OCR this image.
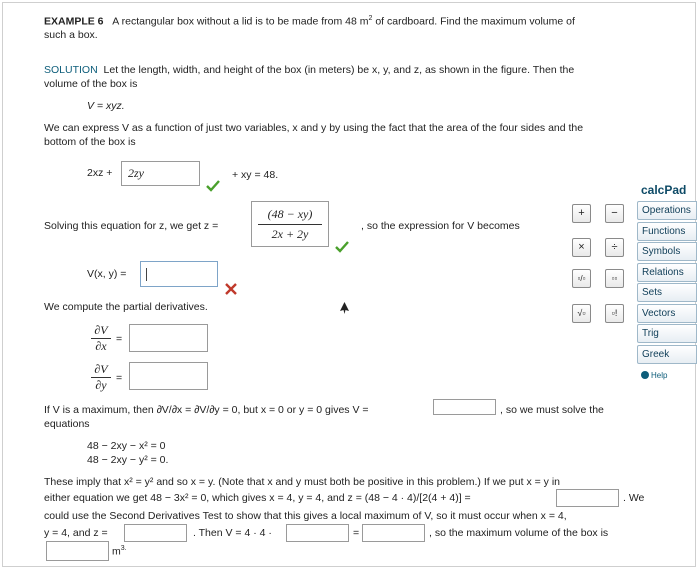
EXAMPLE 6 A rectangular box without a lid is to be made from 48 $m^2$ of cardboard. Find the maximum volume of
such a box.
SOLUTION Let the length, width, and height of the box (in meters) be x, y, and z, as shown in the figure. Then the
volume of the box is
V = xyz.
We can express V as a function of just two variables, x and y by using the fact that the area of the four sides and the
bottom of the box is
2xz +	2zy	+ xy = 48.
Solving this equation for z, we get z =	$\frac{(48 - xy)}{2x + 2y}$	, so the expression for V becomes
V(x, y) =
We compute the partial derivatives.
∂V
∂x =
∂V
∂y =
If V is a maximum, then ∂V/∂x = ∂V/∂y = 0, but x = 0 or y = 0 gives V =	, so we must solve the
equations
48 − 2xy − x² = 0
48 − 2xy − y² = 0.
These imply that x² = y² and so x = y. (Note that x and y must both be positive in this problem.) If we put x = y in
either equation we get 48 − 3x² = 0, which gives x = 4, y = 4, and z = (48 − 4 · 4)/[2(4 + 4)] =	. We
could use the Second Derivatives Test to show that this gives a local maximum of V, so it must occur when x = 4,
y = 4, and z =	. Then V = 4 · 4 ·	=	, so the maximum volume of the box is
$m^{3.}$
calcPad
+	−
×	÷
▫/▫	▫▫
√▫	▫!
Operations
Functions
Symbols
Relations
Sets
Vectors
Trig
Greek
Help
